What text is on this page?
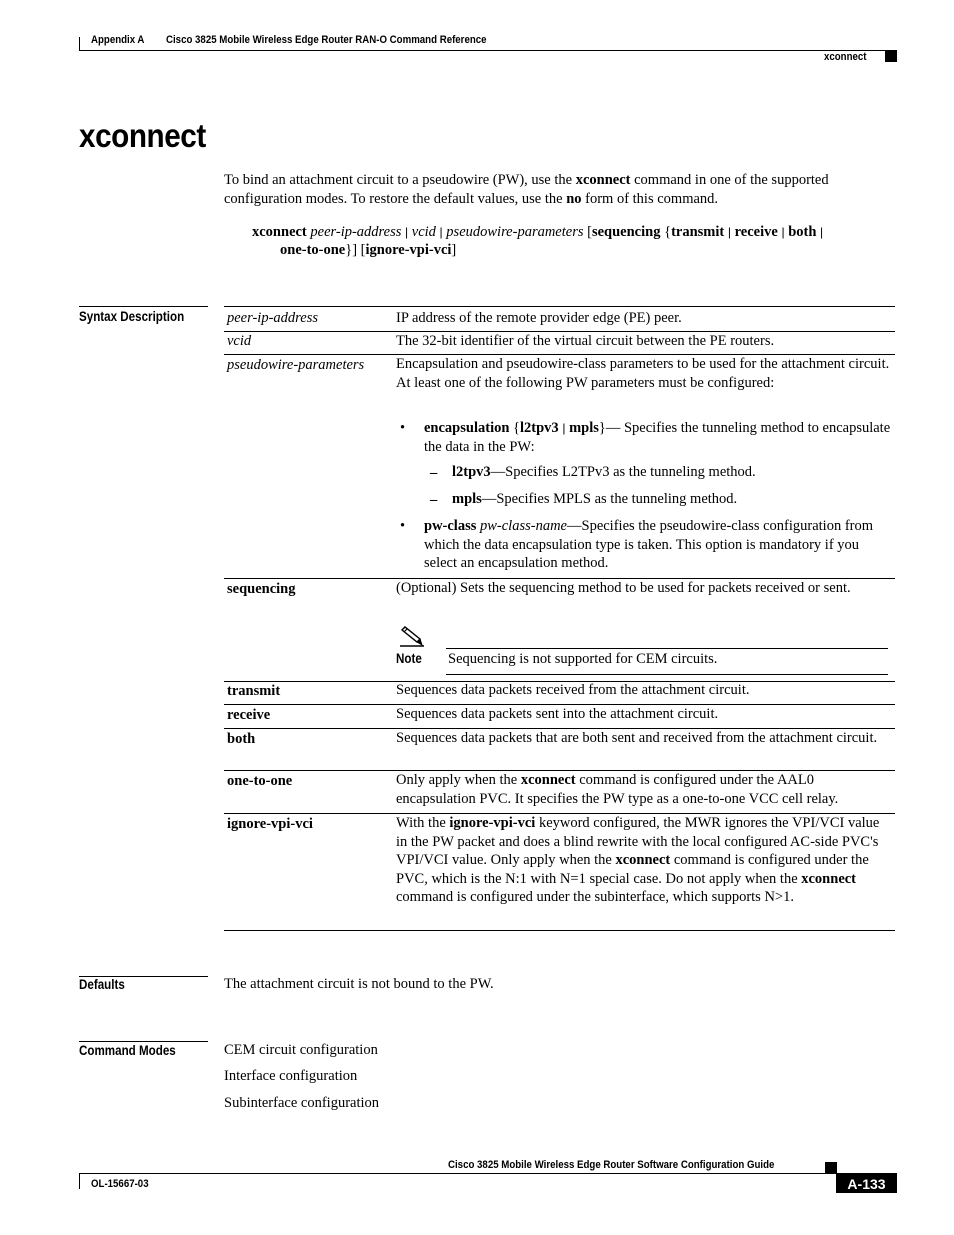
Appendix A Cisco 3825 Mobile Wireless Edge Router RAN-O Command Reference
xconnect
xconnect
To bind an attachment circuit to a pseudowire (PW), use the xconnect command in one of the supported configuration modes. To restore the default values, use the no form of this command.
xconnect peer-ip-address | vcid | pseudowire-parameters [sequencing {transmit | receive | both |
one-to-one}] [ignore-vpi-vci]
Syntax Description	peer-ip-address	IP address of the remote provider edge (PE) peer.
vcid	The 32-bit identifier of the virtual circuit between the PE routers.
pseudowire-parameters	Encapsulation and pseudowire-class parameters to be used for the attachment circuit. At least one of the following PW parameters must be configured:
• encapsulation {l2tpv3 | mpls}— Specifies the tunneling method to encapsulate the data in the PW:
– l2tpv3—Specifies L2TPv3 as the tunneling method.
– mpls—Specifies MPLS as the tunneling method.
• pw-class pw-class-name—Specifies the pseudowire-class configuration from which the data encapsulation type is taken. This option is mandatory if you select an encapsulation method.
sequencing	(Optional) Sets the sequencing method to be used for packets received or sent.
Note Sequencing is not supported for CEM circuits.
transmit	Sequences data packets received from the attachment circuit.
receive	Sequences data packets sent into the attachment circuit.
both	Sequences data packets that are both sent and received from the attachment circuit.
one-to-one	Only apply when the xconnect command is configured under the AAL0 encapsulation PVC. It specifies the PW type as a one-to-one VCC cell relay.
ignore-vpi-vci	With the ignore-vpi-vci keyword configured, the MWR ignores the VPI/VCI value in the PW packet and does a blind rewrite with the local configured AC-side PVC's VPI/VCI value. Only apply when the xconnect command is configured under the PVC, which is the N:1 with N=1 special case. Do not apply when the xconnect command is configured under the subinterface, which supports N>1.
Defaults	The attachment circuit is not bound to the PW.
Command Modes	CEM circuit configuration
Interface configuration
Subinterface configuration
Cisco 3825 Mobile Wireless Edge Router Software Configuration Guide
OL-15667-03	A-133
